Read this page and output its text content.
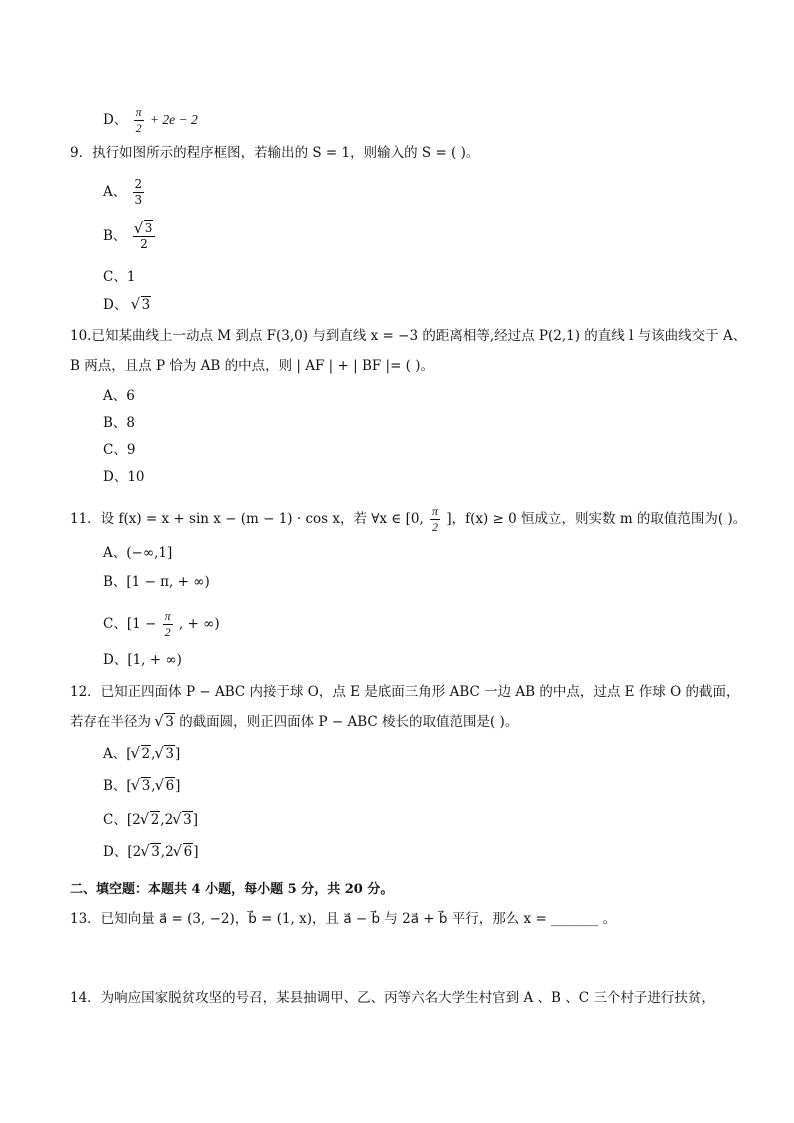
D、 $\frac{\pi}{2} + 2e - 2$
9．执行如图所示的程序框图，若输出的 S = 1，则输入的 S = ( )。
A、 $\frac{2}{3}$
B、 √ $\frac{3}{2}$
C、1
D、 √ 3
10.已知某曲线上一动点 M 到点 F(3,0) 与到直线 x = −3 的距离相等,经过点 P(2,1) 的直线 l 与该曲线交于 A、
B 两点，且点 P 恰为 AB 的中点，则 | AF | + | BF |= ( )。
A、6
B、8
C、9
D、10
11．设 f(x) = x + sin x − (m − 1) · cos x，若 ∀x ∈ [0, $\frac{\pi}{2}$ ]，f(x) ≥ 0 恒成立，则实数 m 的取值范围为( )。
A、(−∞,1]
B、[1 − π, + ∞)
C、[$1 - \frac{\pi}{2}$ , + ∞)
D、[1, + ∞)
12．已知正四面体 P − ABC 内接于球 O，点 E 是底面三角形 ABC 一边 AB 的中点，过点 E 作球 O 的截面，
若存在半径为 √ 3 的截面圆，则正四面体 P − ABC 棱长的取值范围是( )。
A、[ √ 2, √ 3]
B、[ √ 3, √ 6]
C、[2 √ 2,2 √ 3]
D、[2 √ 3,2 √ 6]
二、填空题：本题共 4 小题，每小题 5 分，共 20 分。
13．已知向量 a⃗ = (3, −2)，b⃗ = (1, x)，且 a⃗ − b⃗ 与 2a⃗ + b⃗ 平行，那么 x = _______ 。
14．为响应国家脱贫攻坚的号召，某县抽调甲、乙、丙等六名大学生村官到 A 、B 、C 三个村子进行扶贫，
